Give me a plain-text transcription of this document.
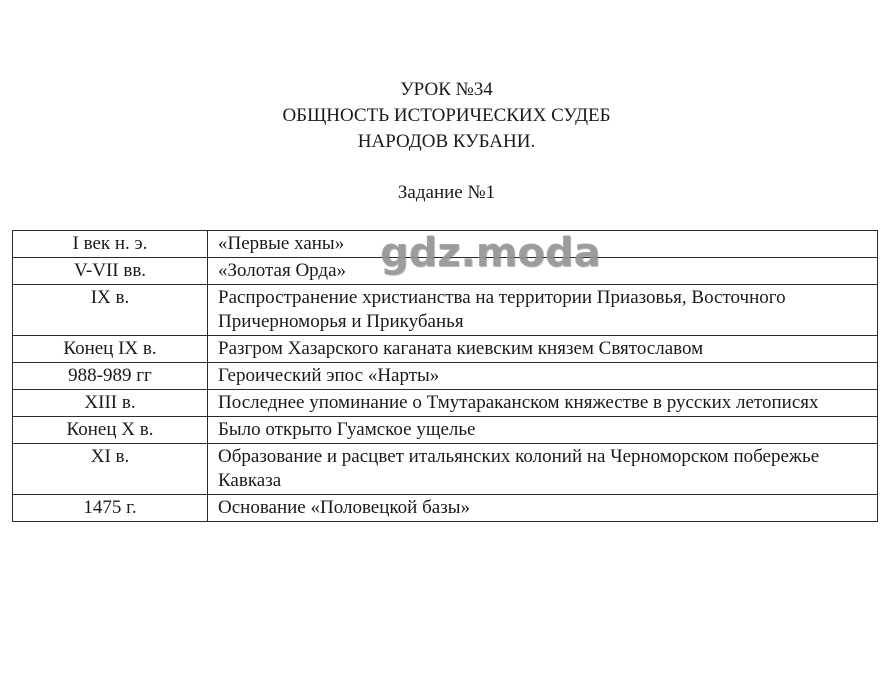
УРОК №34
ОБЩНОСТЬ ИСТОРИЧЕСКИХ СУДЕБ
НАРОДОВ КУБАНИ.
Задание №1
I век н. э.	«Первые ханы»
V-VII вв.	«Золотая Орда»
IX в.	Распространение христианства на территории Приазовья, Восточного Причерноморья и Прикубанья
Конец IX в.	Разгром Хазарского каганата киевским князем Святославом
988-989 гг	Героический эпос «Нарты»
XIII в.	Последнее упоминание о Тмутараканском княжестве в русских летописях
Конец X в.	Было открыто Гуамское ущелье
XI в.	Образование и расцвет итальянских колоний на Черноморском побережье Кавказа
1475 г.	Основание «Половецкой базы»
gdz.moda
